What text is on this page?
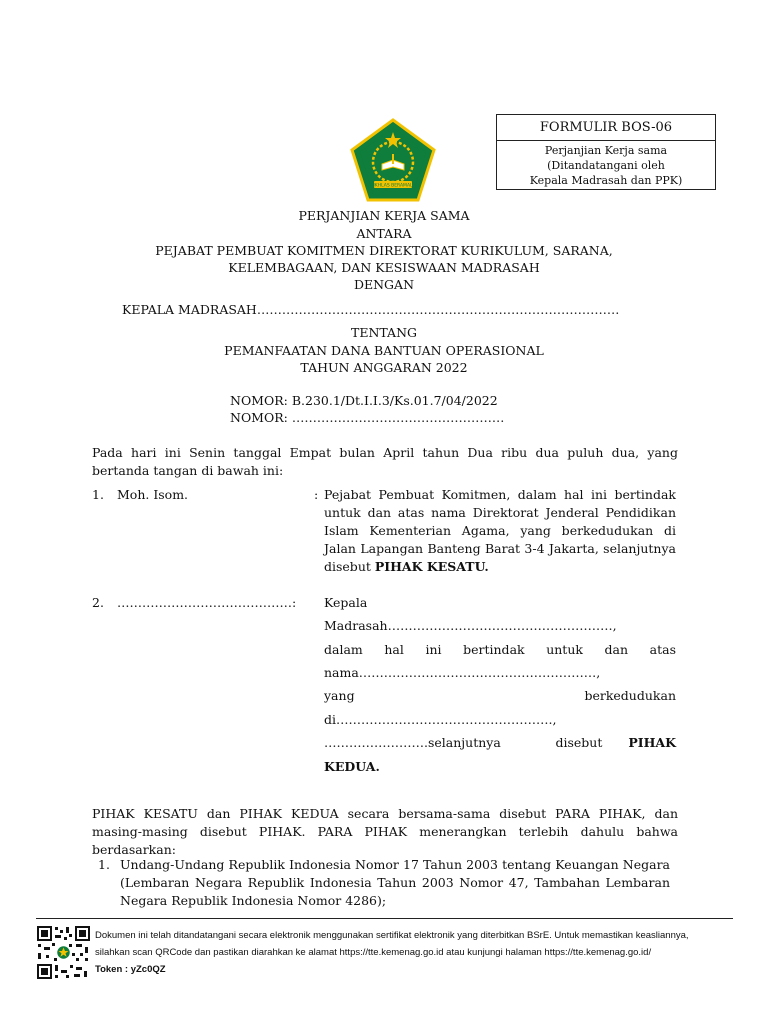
FORMULIR BOS-06
Perjanjian Kerja sama
(Ditandatangani oleh
Kepala Madrasah dan PPK)
IKHLAS BERAMAL
PERJANJIAN KERJA SAMA
ANTARA
PEJABAT PEMBUAT KOMITMEN DIREKTORAT KURIKULUM, SARANA,
KELEMBAGAAN, DAN KESISWAAN MADRASAH
DENGAN
KEPALA MADRASAH……………………………………………………………………………
TENTANG
PEMANFAATAN DANA BANTUAN OPERASIONAL
TAHUN ANGGARAN 2022
NOMOR: B.230.1/Dt.I.I.3/Ks.01.7/04/2022
NOMOR: ……………………………………………
Pada hari ini Senin tanggal Empat bulan April tahun Dua ribu dua puluh dua, yang bertanda tangan di bawah ini:
1. Moh. Isom.	: Pejabat Pembuat Komitmen, dalam hal ini bertindak untuk dan atas nama Direktorat Jenderal Pendidikan Islam Kementerian Agama, yang berkedudukan di Jalan Lapangan Banteng Barat 3-4 Jakarta, selanjutnya disebut PIHAK KESATU.
2. ……………………………………: Kepala
Madrasah………………………………………………,
dalam hal ini bertindak untuk dan atas
nama…………………………………………………,
yang berkedudukan
di…………………………………………….,
…………………….selanjutnya disebut PIHAK
KEDUA.
PIHAK KESATU dan PIHAK KEDUA secara bersama-sama disebut PARA PIHAK, dan masing-masing disebut PIHAK. PARA PIHAK menerangkan terlebih dahulu bahwa berdasarkan:
1. Undang-Undang Republik Indonesia Nomor 17 Tahun 2003 tentang Keuangan Negara (Lembaran Negara Republik Indonesia Tahun 2003 Nomor 47, Tambahan Lembaran Negara Republik Indonesia Nomor 4286);
Dokumen ini telah ditandatangani secara elektronik menggunakan sertifikat elektronik yang diterbitkan BSrE. Untuk memastikan keasliannya,
silahkan scan QRCode dan pastikan diarahkan ke alamat https://tte.kemenag.go.id atau kunjungi halaman https://tte.kemenag.go.id/
Token : yZc0QZ
